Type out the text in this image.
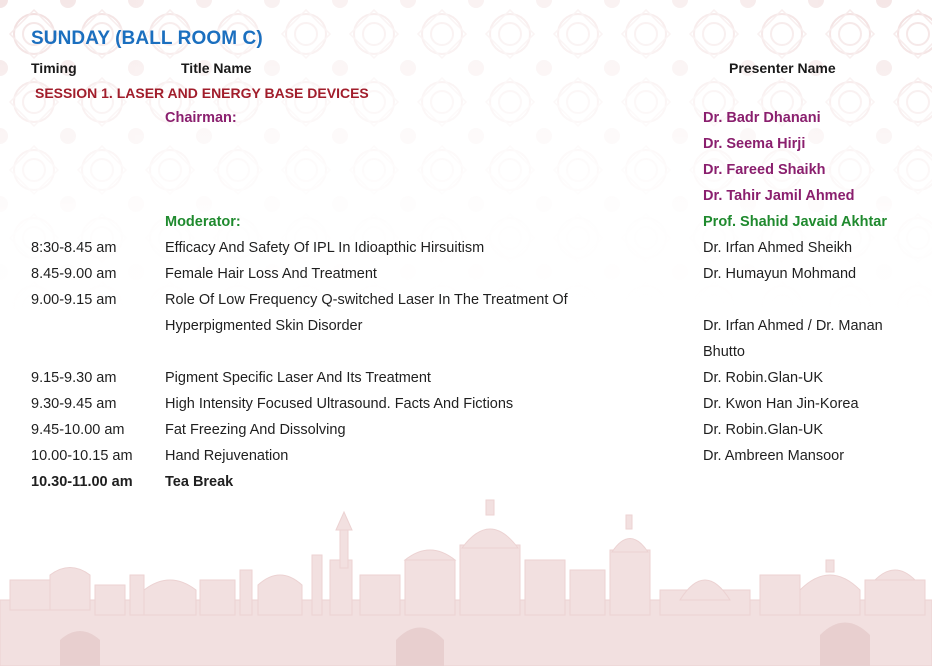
SUNDAY (BALL ROOM C)
Timing	Title Name	Presenter Name
SESSION 1. LASER AND ENERGY BASE DEVICES
Chairman:	Dr. Badr Dhanani
Dr. Seema Hirji
Dr. Fareed Shaikh
Dr. Tahir Jamil Ahmed
Moderator:	Prof. Shahid Javaid Akhtar
8:30-8.45 am	Efficacy And Safety Of IPL In Idioapthic Hirsuitism	Dr. Irfan Ahmed Sheikh
8.45-9.00 am	Female Hair Loss And Treatment	Dr. Humayun Mohmand
9.00-9.15 am	Role Of Low Frequency Q-switched Laser In The Treatment Of
Hyperpigmented Skin Disorder	Dr. Irfan Ahmed / Dr. Manan
Bhutto
9.15-9.30 am	Pigment Specific Laser And Its Treatment	Dr. Robin.Glan-UK
9.30-9.45 am	High Intensity Focused Ultrasound. Facts And Fictions	Dr. Kwon Han Jin-Korea
9.45-10.00 am	Fat Freezing And Dissolving	Dr. Robin.Glan-UK
10.00-10.15 am Hand Rejuvenation	Dr. Ambreen Mansoor
10.30-11.00 am Tea Break
